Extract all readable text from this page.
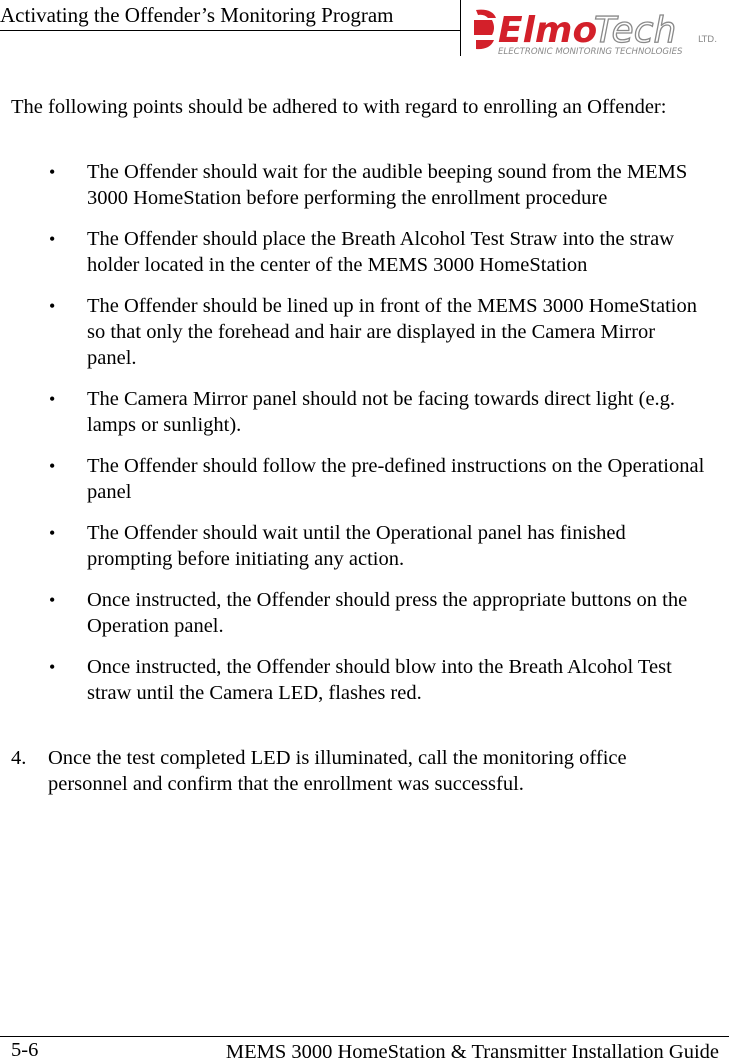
Activating the Offender’s Monitoring Program	Elmo
Tech LTD.
ELECTRONIC MONITORING TECHNOLOGIES
The following points should be adhered to with regard to enrolling an Offender:
• The Offender should wait for the audible beeping sound from the MEMS 3000 HomeStation before performing the enrollment procedure
• The Offender should place the Breath Alcohol Test Straw into the straw holder located in the center of the MEMS 3000 HomeStation
• The Offender should be lined up in front of the MEMS 3000 HomeStation so that only the forehead and hair are displayed in the Camera Mirror panel.
• The Camera Mirror panel should not be facing towards direct light (e.g. lamps or sunlight).
• The Offender should follow the pre-defined instructions on the Operational panel
• The Offender should wait until the Operational panel has finished prompting before initiating any action.
• Once instructed, the Offender should press the appropriate buttons on the Operation panel.
• Once instructed, the Offender should blow into the Breath Alcohol Test straw until the Camera LED, flashes red.
4.	Once the test completed LED is illuminated, call the monitoring office personnel and confirm that the enrollment was successful.
5-6	MEMS 3000 HomeStation & Transmitter Installation Guide
